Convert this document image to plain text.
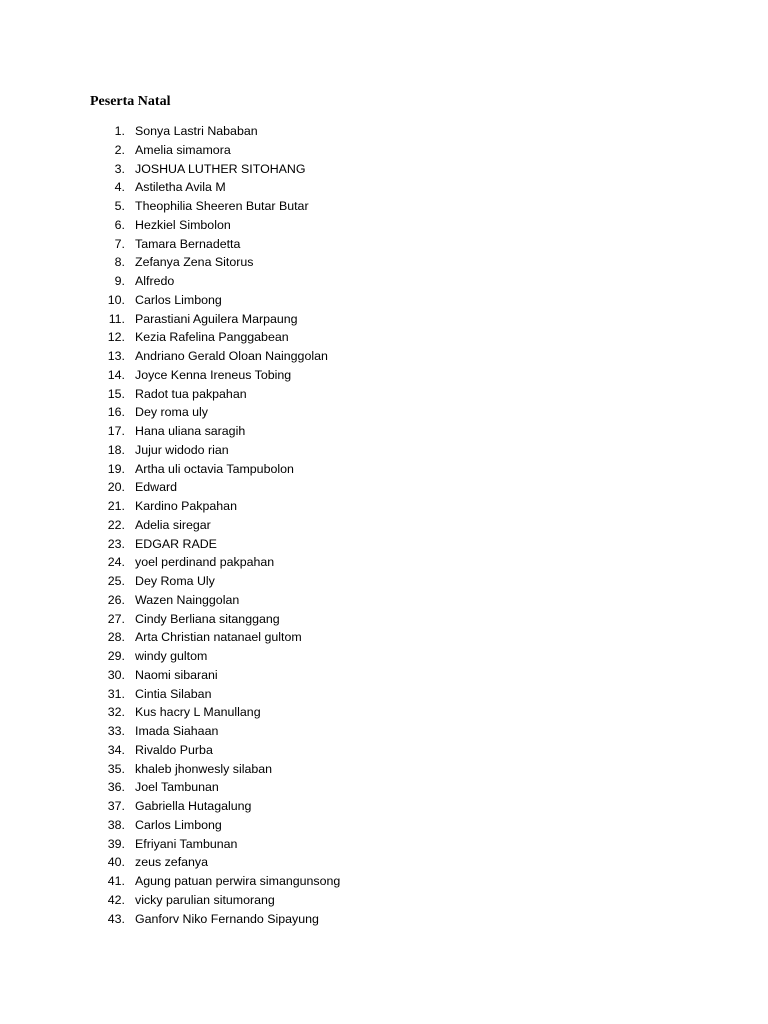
Peserta Natal
1. Sonya Lastri Nababan
2. Amelia simamora
3. JOSHUA LUTHER SITOHANG
4. Astiletha Avila M
5. Theophilia Sheeren Butar Butar
6. Hezkiel Simbolon
7. Tamara Bernadetta
8. Zefanya Zena Sitorus
9. Alfredo
10. Carlos Limbong
11. Parastiani Aguilera Marpaung
12. Kezia Rafelina Panggabean
13. Andriano Gerald Oloan Nainggolan
14. Joyce Kenna Ireneus Tobing
15. Radot tua pakpahan
16. Dey roma uly
17. Hana uliana saragih
18. Jujur widodo rian
19. Artha uli octavia Tampubolon
20. Edward
21. Kardino Pakpahan
22. Adelia siregar
23. EDGAR RADE
24. yoel perdinand pakpahan
25. Dey Roma Uly
26. Wazen Nainggolan
27. Cindy Berliana sitanggang
28. Arta Christian natanael gultom
29. windy gultom
30. Naomi sibarani
31. Cintia Silaban
32. Kus hacry L Manullang
33. Imada Siahaan
34. Rivaldo Purba
35. khaleb jhonwesly silaban
36. Joel Tambunan
37. Gabriella Hutagalung
38. Carlos Limbong
39. Efriyani Tambunan
40. zeus zefanya
41. Agung patuan perwira simangunsong
42. vicky parulian situmorang
43. Ganforv Niko Fernando Sipayung
